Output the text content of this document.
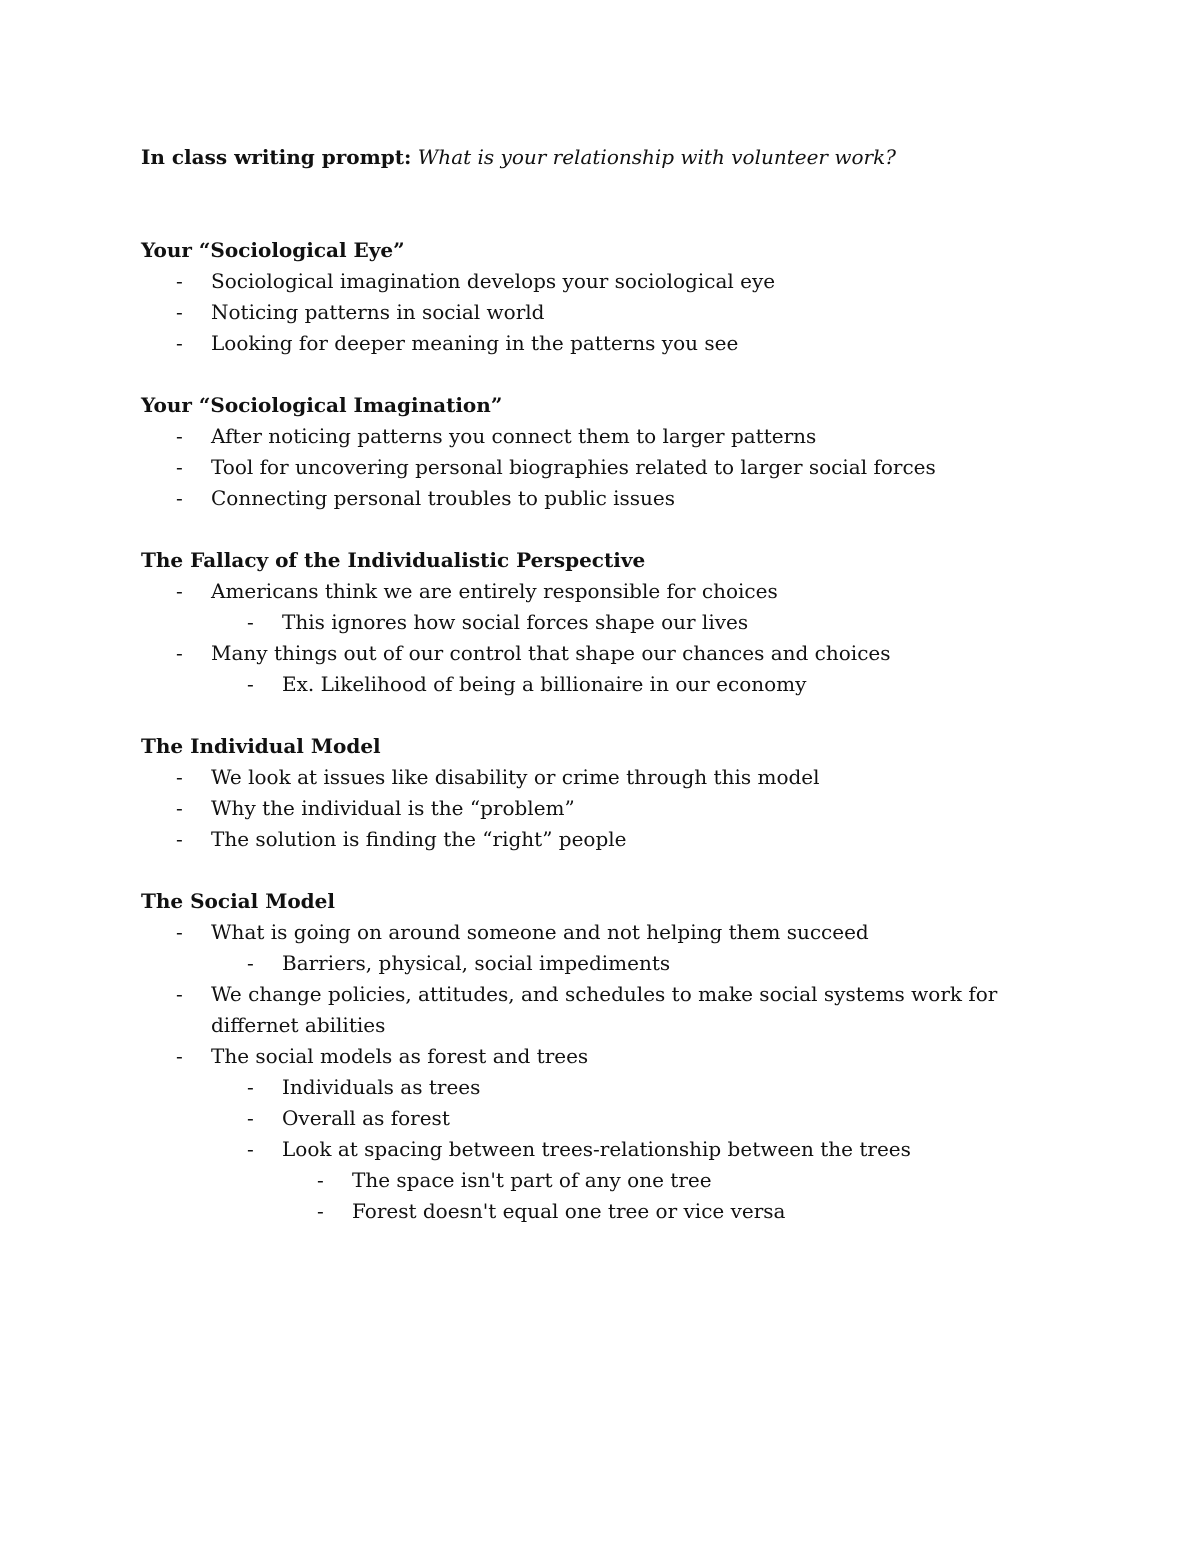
In class writing prompt: What is your relationship with volunteer work?
Your “Sociological Eye”
- Sociological imagination develops your sociological eye
- Noticing patterns in social world
- Looking for deeper meaning in the patterns you see
Your “Sociological Imagination”
- After noticing patterns you connect them to larger patterns
- Tool for uncovering personal biographies related to larger social forces
- Connecting personal troubles to public issues
The Fallacy of the Individualistic Perspective
- Americans think we are entirely responsible for choices
- This ignores how social forces shape our lives
- Many things out of our control that shape our chances and choices
- Ex. Likelihood of being a billionaire in our economy
The Individual Model
- We look at issues like disability or crime through this model
- Why the individual is the “problem”
- The solution is finding the “right” people
The Social Model
- What is going on around someone and not helping them succeed
- Barriers, physical, social impediments
- We change policies, attitudes, and schedules to make social systems work for differnet abilities
- The social models as forest and trees
- Individuals as trees
- Overall as forest
- Look at spacing between trees-relationship between the trees
- The space isn't part of any one tree
- Forest doesn't equal one tree or vice versa
